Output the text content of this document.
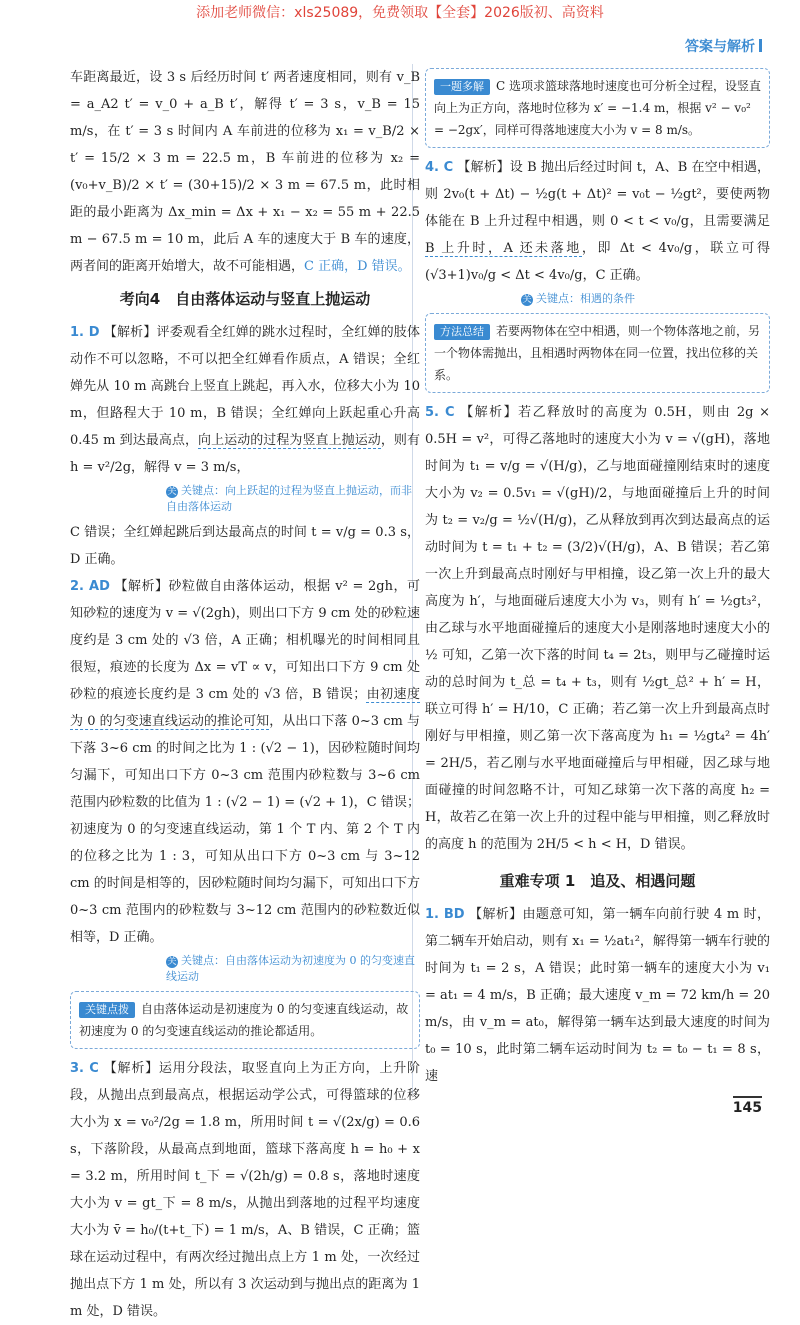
添加老师微信：xls25089，免费领取【全套】2026版初、高资料
答案与解析

车距离最近，设 3 s 后经历时间 t′ 两者速度相同，则有 v_B = a_A2 t′ = v_0 + a_B t′，解得 t′ = 3 s，v_B = 15 m/s，在 t′ = 3 s 时间内 A 车前进的位移为 x₁ = v_B/2 × t′ = 15/2 × 3 m = 22.5 m，B 车前进的位移为 x₂ = (v₀+v_B)/2 × t′ = (30+15)/2 × 3 m = 67.5 m，此时相距的最小距离为 Δx_min = Δx + x₁ − x₂ = 55 m + 22.5 m − 67.5 m = 10 m，此后 A 车的速度大于 B 车的速度，两者间的距离开始增大，故不可能相遇，C 正确，D 错误。

考向4　自由落体运动与竖直上抛运动

1. D 【解析】评委观看全红婵的跳水过程时，全红婵的肢体动作不可以忽略，不可以把全红婵看作质点，A 错误；全红婵先从 10 m 高跳台上竖直上跳起，再入水，位移大小为 10 m，但路程大于 10 m，B 错误；全红婵向上跃起重心升高 0.45 m 到达最高点，向上运动的过程为竖直上抛运动，则有 h = v²/2g，解得 v = 3 m/s，

关 关键点：向上跃起的过程为竖直上抛运动，而非自由落体运动

C 错误；全红婵起跳后到达最高点的时间 t = v/g = 0.3 s，D 正确。

2. AD 【解析】砂粒做自由落体运动，根据 v² = 2gh，可知砂粒的速度为 v = √(2gh)，则出口下方 9 cm 处的砂粒速度约是 3 cm 处的 √3 倍，A 正确；相机曝光的时间相同且很短，痕迹的长度为 Δx = vT ∝ v，可知出口下方 9 cm 处砂粒的痕迹长度约是 3 cm 处的 √3 倍，B 错误；由初速度为 0 的匀变速直线运动的推论可知，从出口下落 0~3 cm 与下落 3~6 cm 的时间之比为 1 : (√2 − 1)，因砂粒随时间均匀漏下，可知出口下方 0~3 cm 范围内砂粒数与 3~6 cm 范围内砂粒数的比值为 1 : (√2 − 1) = (√2 + 1)，C 错误；初速度为 0 的匀变速直线运动，第 1 个 T 内、第 2 个 T 内的位移之比为 1 : 3，可知从出口下方 0~3 cm 与 3~12 cm 的时间是相等的，因砂粒随时间均匀漏下，可知出口下方 0~3 cm 范围内的砂粒数与 3~12 cm 范围内的砂粒数近似相等，D 正确。

关 关键点：自由落体运动为初速度为 0 的匀变速直线运动
关键点拨 自由落体运动是初速度为 0 的匀变速直线运动，故初速度为 0 的匀变速直线运动的推论都适用。

3. C 【解析】运用分段法，取竖直向上为正方向，上升阶段，从抛出点到最高点，根据运动学公式，可得篮球的位移大小为 x = v₀²/2g = 1.8 m，所用时间 t = √(2x/g) = 0.6 s，下落阶段，从最高点到地面，篮球下落高度 h = h₀ + x = 3.2 m，所用时间 t_下 = √(2h/g) = 0.8 s，落地时速度大小为 v = gt_下 = 8 m/s，从抛出到落地的过程平均速度大小为 v̄ = h₀/(t+t_下) = 1 m/s，A、B 错误，C 正确；篮球在运动过程中，有两次经过抛出点上方 1 m 处，一次经过抛出点下方 1 m 处，所以有 3 次运动到与抛出点的距离为 1 m 处，D 错误。

一题多解 C 选项求篮球落地时速度也可分析全过程，设竖直向上为正方向，落地时位移为 x′ = −1.4 m，根据 v² − v₀² = −2gx′，同样可得落地速度大小为 v = 8 m/s。

4. C 【解析】设 B 抛出后经过时间 t，A、B 在空中相遇，则 2v₀(t + Δt) − ½g(t + Δt)² = v₀t − ½gt²，要使两物体能在 B 上升过程中相遇，则 0 < t < v₀/g，且需要满足 B 上升时，A 还未落地，即 Δt < 4v₀/g，联立可得 (√3+1)v₀/g < Δt < 4v₀/g，C 正确。

关 关键点：相遇的条件
方法总结 若要两物体在空中相遇，则一个物体落地之前，另一个物体需抛出，且相遇时两物体在同一位置，找出位移的关系。

5. C 【解析】若乙释放时的高度为 0.5H，则由 2g × 0.5H = v²，可得乙落地时的速度大小为 v = √(gH)，落地时间为 t₁ = v/g = √(H/g)，乙与地面碰撞刚结束时的速度大小为 v₂ = 0.5v₁ = √(gH)/2，与地面碰撞后上升的时间为 t₂ = v₂/g = ½√(H/g)，乙从释放到再次到达最高点的运动时间为 t = t₁ + t₂ = (3/2)√(H/g)，A、B 错误；若乙第一次上升到最高点时刚好与甲相撞，设乙第一次上升的最大高度为 h′，与地面碰后速度大小为 v₃，则有 h′ = ½gt₃²，由乙球与水平地面碰撞后的速度大小是刚落地时速度大小的 ½ 可知，乙第一次下落的时间 t₄ = 2t₃，则甲与乙碰撞时运动的总时间为 t_总 = t₄ + t₃，则有 ½gt_总² + h′ = H，联立可得 h′ = H/10，C 正确；若乙第一次上升到最高点时刚好与甲相撞，则乙第一次下落高度为 h₁ = ½gt₄² = 4h′ = 2H/5，若乙刚与水平地面碰撞后与甲相碰，因乙球与地面碰撞的时间忽略不计，可知乙球第一次下落的高度 h₂ = H，故若乙在第一次上升的过程中能与甲相撞，则乙释放时的高度 h 的范围为 2H/5 < h < H，D 错误。

重难专项 1　追及、相遇问题

1. BD 【解析】由题意可知，第一辆车向前行驶 4 m 时，第二辆车开始启动，则有 x₁ = ½at₁²，解得第一辆车行驶的时间为 t₁ = 2 s，A 错误；此时第一辆车的速度大小为 v₁ = at₁ = 4 m/s，B 正确；最大速度 v_m = 72 km/h = 20 m/s，由 v_m = at₀，解得第一辆车达到最大速度的时间为 t₀ = 10 s，此时第二辆车运动时间为 t₂ = t₀ − t₁ = 8 s，速

145
